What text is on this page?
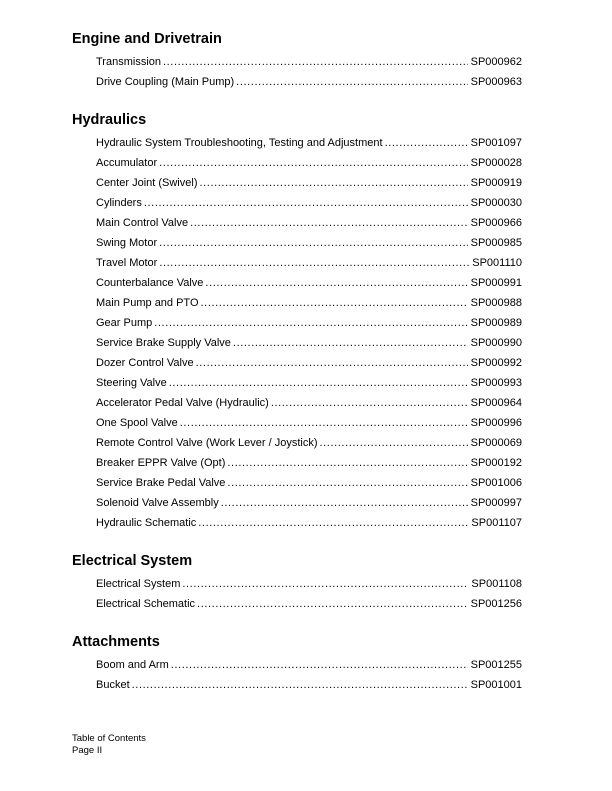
Engine and Drivetrain
Transmission .....	SP000962
Drive Coupling (Main Pump) .....	SP000963
Hydraulics
Hydraulic System Troubleshooting, Testing and Adjustment .....	SP001097
Accumulator .....	SP000028
Center Joint (Swivel) .....	SP000919
Cylinders .....	SP000030
Main Control Valve .....	SP000966
Swing Motor .....	SP000985
Travel Motor .....	SP001110
Counterbalance Valve .....	SP000991
Main Pump and PTO .....	SP000988
Gear Pump .....	SP000989
Service Brake Supply Valve .....	SP000990
Dozer Control Valve .....	SP000992
Steering Valve .....	SP000993
Accelerator Pedal Valve (Hydraulic) .....	SP000964
One Spool Valve .....	SP000996
Remote Control Valve (Work Lever / Joystick) .....	SP000069
Breaker EPPR Valve (Opt) .....	SP000192
Service Brake Pedal Valve .....	SP001006
Solenoid Valve Assembly .....	SP000997
Hydraulic Schematic .....	SP001107
Electrical System
Electrical System .....	SP001108
Electrical Schematic .....	SP001256
Attachments
Boom and Arm .....	SP001255
Bucket .....	SP001001
Table of Contents
Page II
